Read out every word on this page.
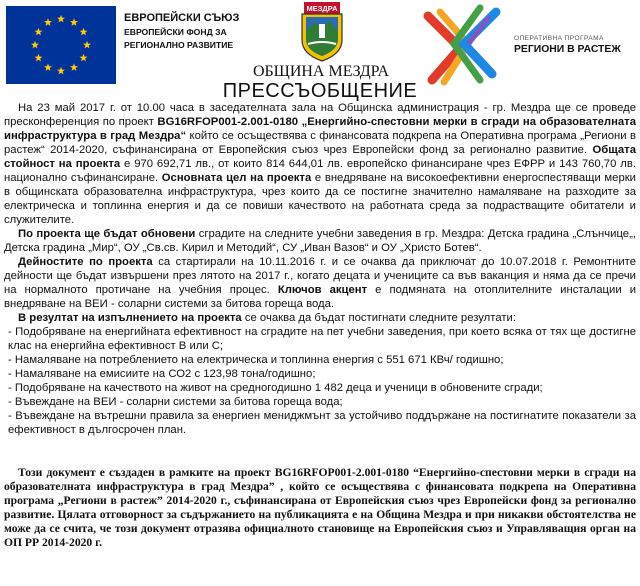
ЕВРОПЕЙСКИ СЪЮЗ
ЕВРОПЕЙСКИ ФОНД ЗА
РЕГИОНАЛНО РАЗВИТИЕ
МЕЗДРА
ОБЩИНА МЕЗДРА
ОПЕРАТИВНА ПРОГРАМА
РЕГИОНИ В РАСТЕЖ
ПРЕССЪОБЩЕНИЕ

На 23 май 2017 г. от 10.00 часа в заседателната зала на Общинска администрация - гр. Мездра ще се проведе пресконференция по проект BG16RFOP001-2.001-0180 „Енергийно-спестовни мерки в сгради на образователната инфраструктура в град Мездра“ който се осъществява с финансовата подкрепа на Оперативна програма „Региони в растеж“ 2014-2020, съфинансирана от Европейския съюз чрез Европейски фонд за регионално развитие. Общата стойност на проекта е 970 692,71 лв., от които 814 644,01 лв. европейско финансиране чрез ЕФРР и 143 760,70 лв. национално съфинансиране. Основната цел на проекта е внедряване на високоефективни енергоспестяващи мерки в общинската образователна инфраструктура, чрез които да се постигне значително намаляване на разходите за електрическа и топлинна енергия и да се повиши качеството на работната среда за подрастващите обитатели и служителите.

По проекта ще бъдат обновени сградите на следните учебни заведения в гр. Мездра: Детска градина „Слънчице„, Детска градина „Мир“, ОУ „Св.св. Кирил и Методий“, СУ „Иван Вазов“ и ОУ „Христо Ботев“.

Дейностите по проекта са стартирали на 10.11.2016 г. и се очаква да приключат до 10.07.2018 г. Ремонтните дейности ще бъдат извършени през лятото на 2017 г., когато децата и учениците са във ваканция и няма да се пречи на нормалното протичане на учебния процес. Ключов акцент е подмяната на отоплителните инсталации и внедряване на ВЕИ - соларни системи за битова гореща вода.

В резултат на изпълнението на проекта се очаква да бъдат постигнати следните резултати:

- Подобряване на енергийната ефективност на сградите на пет учебни заведения, при което всяка от тях ще достигне клас на енергийна ефективност В или С;

- Намаляване на потреблението на електрическа и топлинна енергия с 551 671 КВч/ годишно;

- Намаляване на емисиите на СО2 с 123,98 тона/годишно;

- Подобряване на качеството на живот на средногодишно 1 482 деца и ученици в обновените сгради;

- Въвеждане на ВЕИ - соларни системи за битова гореща вода;

- Въвеждане на вътрешни правила за енергиен мениджмънт за устойчиво поддържане на постигнатите показатели за ефективност в дългосрочен план.

Този документ е създаден в рамките на проект BG16RFOP001-2.001-0180 “Енергийно-спестовни мерки в сгради на образователната инфраструктура в град Мездра” , който се осъществява с финансовата подкрепа на Оперативна програма „Региони в растеж” 2014-2020 г., съфинансирана от Европейския съюз чрез Европейски фонд за регионално развитие. Цялата отговорност за съдържанието на публикацията е на Община Мездра и при никакви обстоятелства не може да се счита, че този документ отразява официалното становище на Европейския съюз и Управляващия орган на ОП РР 2014-2020 г.
